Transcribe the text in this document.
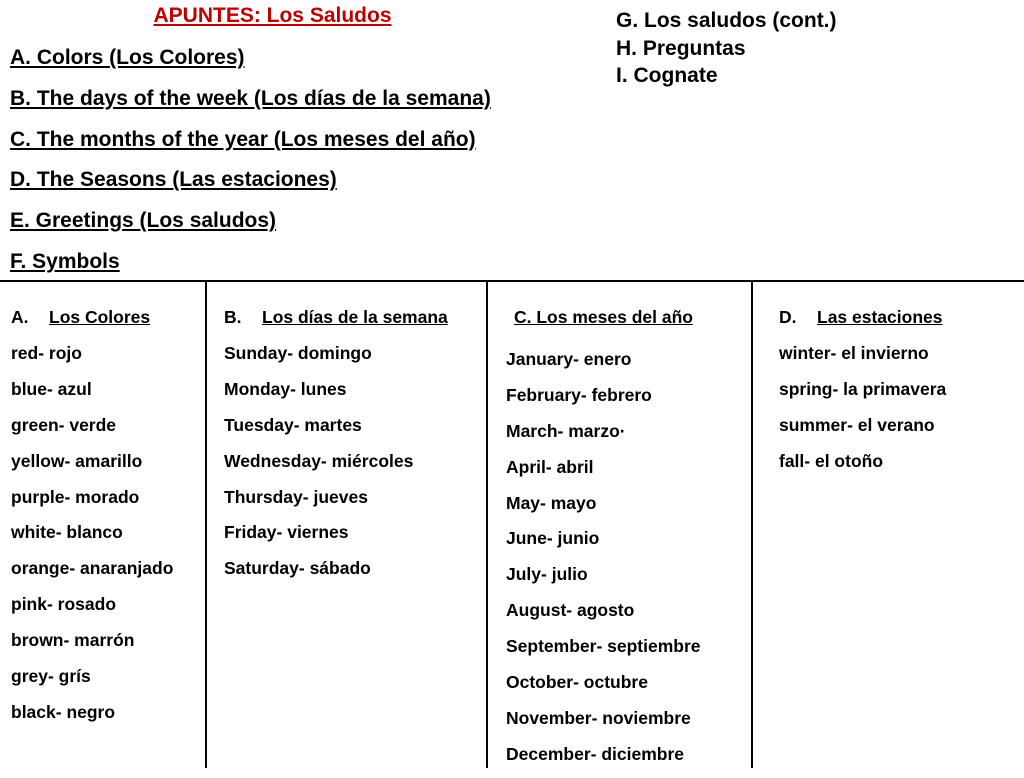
APUNTES: Los Saludos
A. Colors (Los Colores)
B. The days of the week (Los días de la semana)
C. The months of the year (Los meses del año)
D. The Seasons (Las estaciones)
E. Greetings (Los saludos)
F. Symbols
G. Los saludos (cont.)
H. Preguntas
I. Cognate
A. Los Colores
red- rojo
blue- azul
green- verde
yellow- amarillo
purple- morado
white- blanco
orange- anaranjado
pink- rosado
brown- marrón
grey- grís
black- negro
B. Los días de la semana
Sunday- domingo
Monday- lunes
Tuesday- martes
Wednesday- miércoles
Thursday- jueves
Friday- viernes
Saturday- sábado
C. Los meses del año
January- enero
February- febrero
March- marzo·
April- abril
May- mayo
June- junio
July- julio
August- agosto
September- septiembre
October- octubre
November- noviembre
December- diciembre
D. Las estaciones
winter- el invierno
spring- la primavera
summer- el verano
fall- el otoño
